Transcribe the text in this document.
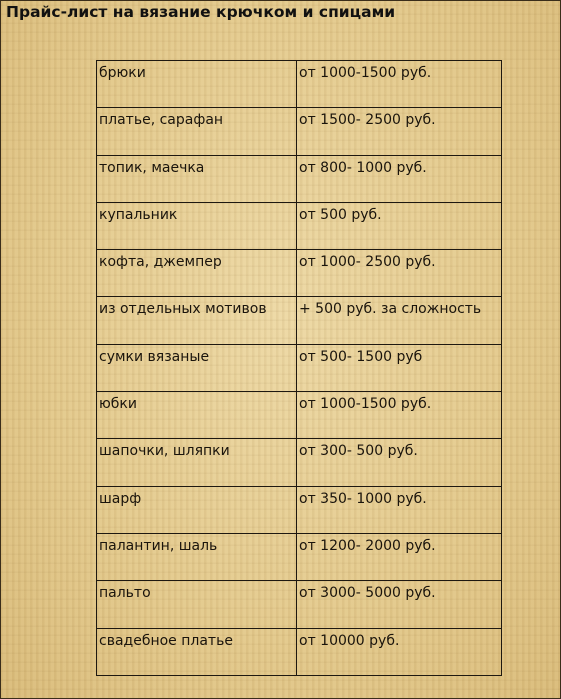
Прайс-лист на вязание крючком и спицами
брюки	от 1000-1500 руб.
платье, сарафан	от 1500- 2500 руб.
топик, маечка	от 800- 1000 руб.
купальник	от 500 руб.
кофта, джемпер	от 1000- 2500 руб.
из отдельных мотивов	+ 500 руб. за сложность
сумки вязаные	от 500- 1500 руб
юбки	от 1000-1500 руб.
шапочки, шляпки	от 300- 500 руб.
шарф	от 350- 1000 руб.
палантин, шаль	от 1200- 2000 руб.
пальто	от 3000- 5000 руб.
свадебное платье	от 10000 руб.
